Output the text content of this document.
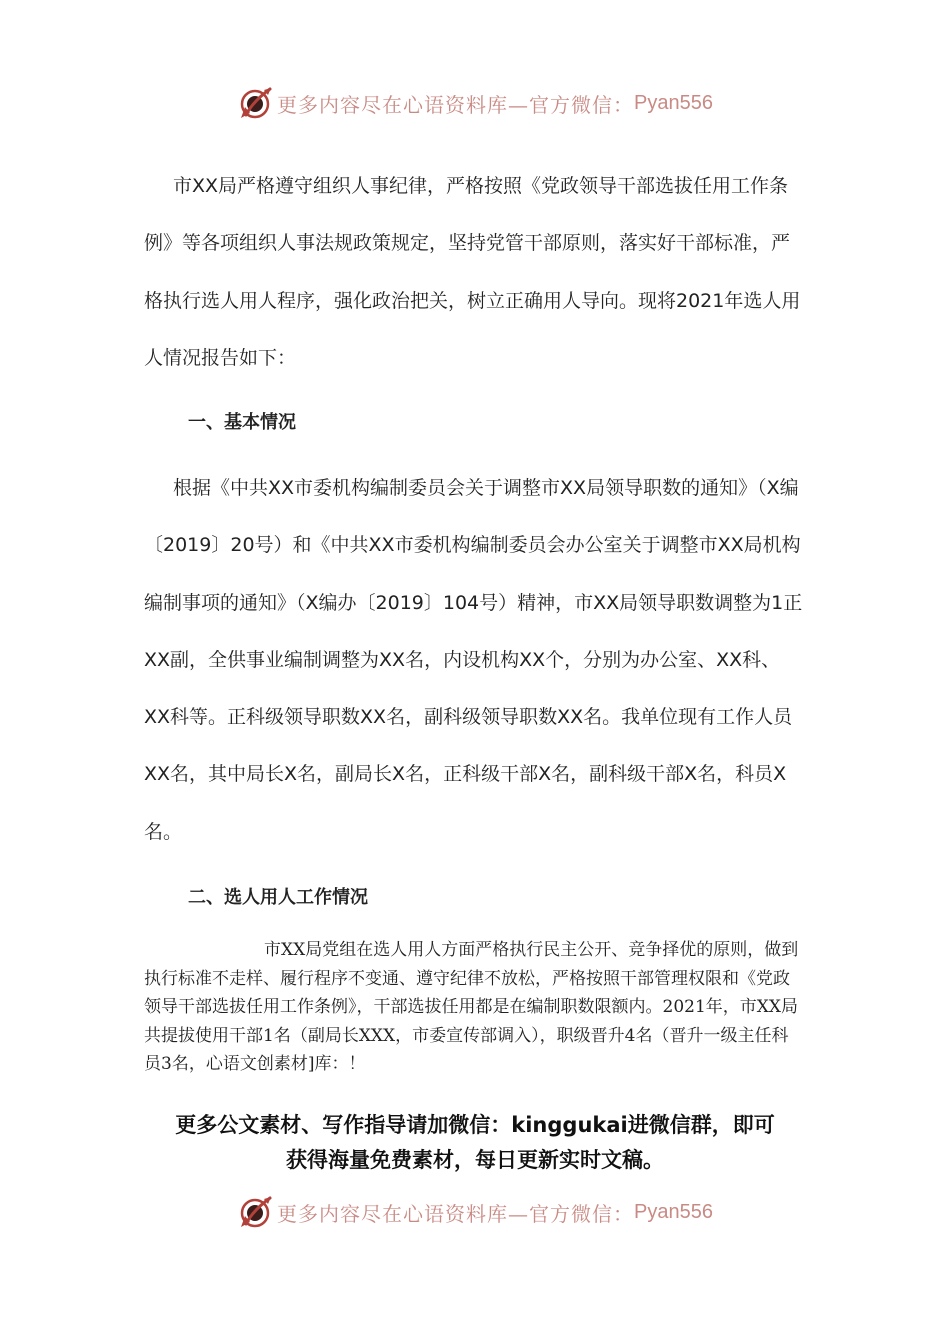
更多内容尽在心语资料库—官方微信： Pyan556

市XX局严格遵守组织人事纪律，严格按照《党政领导干部选拔任用工作条例》等各项组织人事法规政策规定，坚持党管干部原则，落实好干部标准，严格执行选人用人程序，强化政治把关，树立正确用人导向。现将2021年选人用人情况报告如下：

一、基本情况

根据《中共XX市委机构编制委员会关于调整市XX局领导职数的通知》（X编〔2019〕20号）和《中共XX市委机构编制委员会办公室关于调整市XX局机构编制事项的通知》（X编办〔2019〕104号）精神，市XX局领导职数调整为1正XX副，全供事业编制调整为XX名，内设机构XX个，分别为办公室、XX科、XX科等。正科级领导职数XX名，副科级领导职数XX名。我单位现有工作人员XX名，其中局长X名，副局长X名，正科级干部X名，副科级干部X名，科员X名。

二、选人用人工作情况

市XX局党组在选人用人方面严格执行民主公开、竞争择优的原则，做到执行标准不走样、履行程序不变通、遵守纪律不放松，严格按照干部管理权限和《党政领导干部选拔任用工作条例》，干部选拔任用都是在编制职数限额内。2021年，市XX局共提拔使用干部1名（副局长XXX，市委宣传部调入），职级晋升4名（晋升一级主任科员3名，心语文创素材]库：！

更多公文素材、写作指导请加微信：kinggukai进微信群，即可
获得海量免费素材，每日更新实时文稿。
更多内容尽在心语资料库—官方微信： Pyan556
